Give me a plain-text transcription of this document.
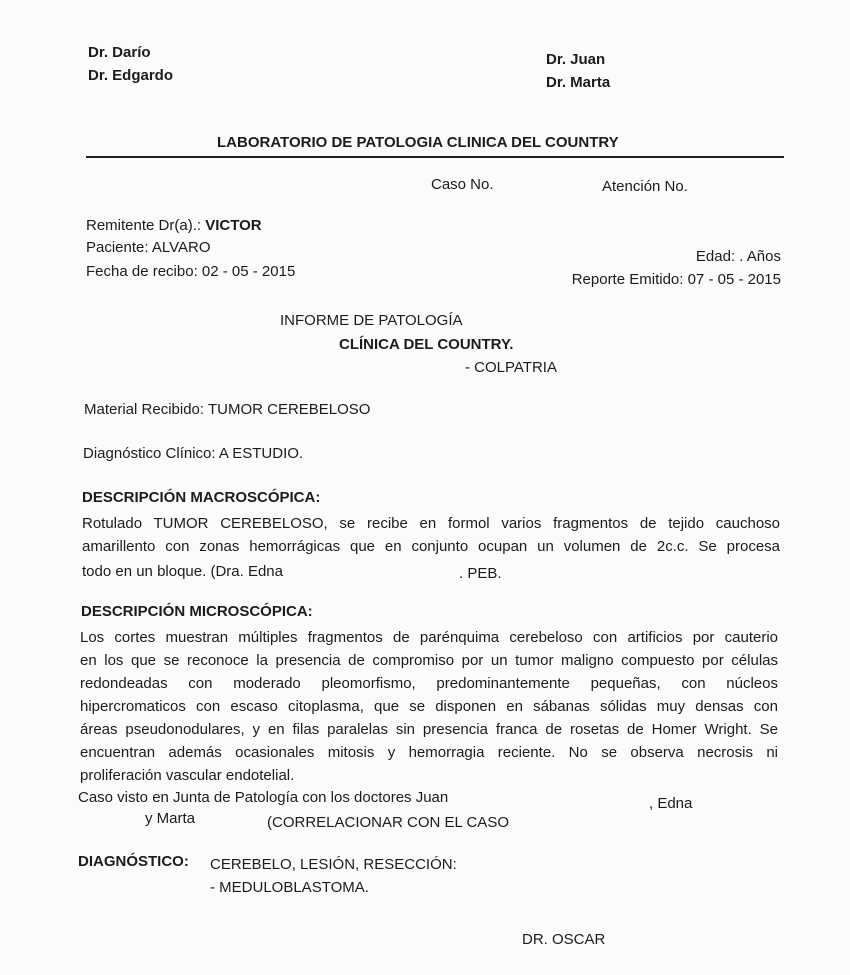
Dr. Darío
Dr. Edgardo
Dr. Juan
Dr. Marta
LABORATORIO DE PATOLOGIA CLINICA DEL COUNTRY
Caso No.	Atención No.
Remitente Dr(a).: VICTOR
Paciente: ALVARO
Fecha de recibo: 02 - 05 - 2015
Edad: . Años
Reporte Emitido: 07 - 05 - 2015
INFORME DE PATOLOGÍA
CLÍNICA DEL COUNTRY.
- COLPATRIA
Material Recibido: TUMOR CEREBELOSO
Diagnóstico Clínico: A ESTUDIO.
DESCRIPCIÓN MACROSCÓPICA:
Rotulado TUMOR CEREBELOSO, se recibe en formol varios fragmentos de tejido cauchoso
amarillento con zonas hemorrágicas que en conjunto ocupan un volumen de 2c.c. Se procesa
todo en un bloque. (Dra. Edna	. PEB.
DESCRIPCIÓN MICROSCÓPICA:
Los cortes muestran múltiples fragmentos de parénquima cerebeloso con artificios por cauterio
en los que se reconoce la presencia de compromiso por un tumor maligno compuesto por células
redondeadas con moderado pleomorfismo, predominantemente pequeñas, con núcleos
hipercromaticos con escaso citoplasma, que se disponen en sábanas sólidas muy densas con
áreas pseudonodulares, y en filas paralelas sin presencia franca de rosetas de Homer Wright. Se
encuentran además ocasionales mitosis y hemorragia reciente. No se observa necrosis ni
proliferación vascular endotelial.
Caso visto en Junta de Patología con los doctores Juan	, Edna
y Marta	(CORRELACIONAR CON EL CASO
DIAGNÓSTICO: CEREBELO, LESIÓN, RESECCIÓN:
- MEDULOBLASTOMA.
DR. OSCAR
